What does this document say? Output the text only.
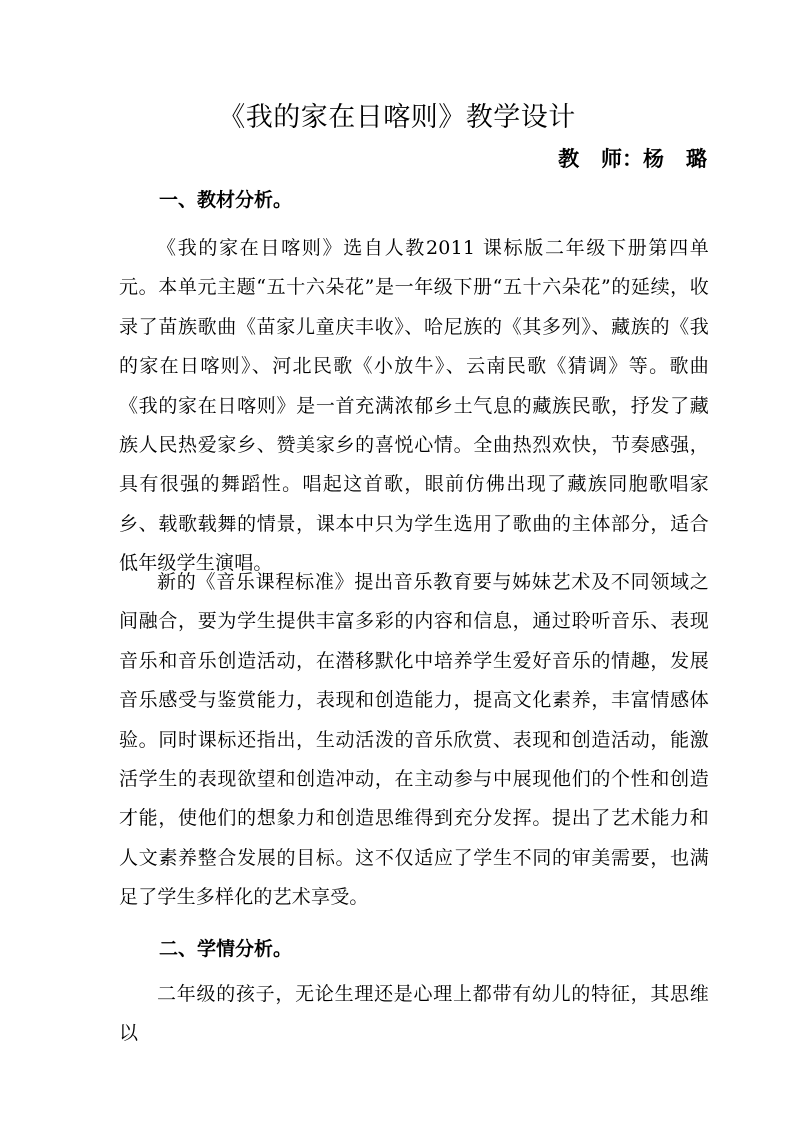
《我的家在日喀则》教学设计
教   师：杨   璐
一、教材分析。

《我的家在日喀则》选自人教2011 课标版二年级下册第四单元。本单元主题“五十六朵花”是一年级下册“五十六朵花”的延续，收录了苗族歌曲《苗家儿童庆丰收》、哈尼族的《其多列》、藏族的《我的家在日喀则》、河北民歌《小放牛》、云南民歌《猜调》等。歌曲《我的家在日喀则》是一首充满浓郁乡土气息的藏族民歌，抒发了藏族人民热爱家乡、赞美家乡的喜悦心情。全曲热烈欢快，节奏感强，具有很强的舞蹈性。唱起这首歌，眼前仿佛出现了藏族同胞歌唱家乡、载歌载舞的情景，课本中只为学生选用了歌曲的主体部分，适合低年级学生演唱。

新的《音乐课程标准》提出音乐教育要与姊妹艺术及不同领域之间融合，要为学生提供丰富多彩的内容和信息，通过聆听音乐、表现音乐和音乐创造活动，在潜移默化中培养学生爱好音乐的情趣，发展音乐感受与鉴赏能力，表现和创造能力，提高文化素养，丰富情感体验。同时课标还指出，生动活泼的音乐欣赏、表现和创造活动，能激活学生的表现欲望和创造冲动，在主动参与中展现他们的个性和创造才能，使他们的想象力和创造思维得到充分发挥。提出了艺术能力和人文素养整合发展的目标。这不仅适应了学生不同的审美需要，也满足了学生多样化的艺术享受。

二、学情分析。

二年级的孩子，无论生理还是心理上都带有幼儿的特征，其思维以
